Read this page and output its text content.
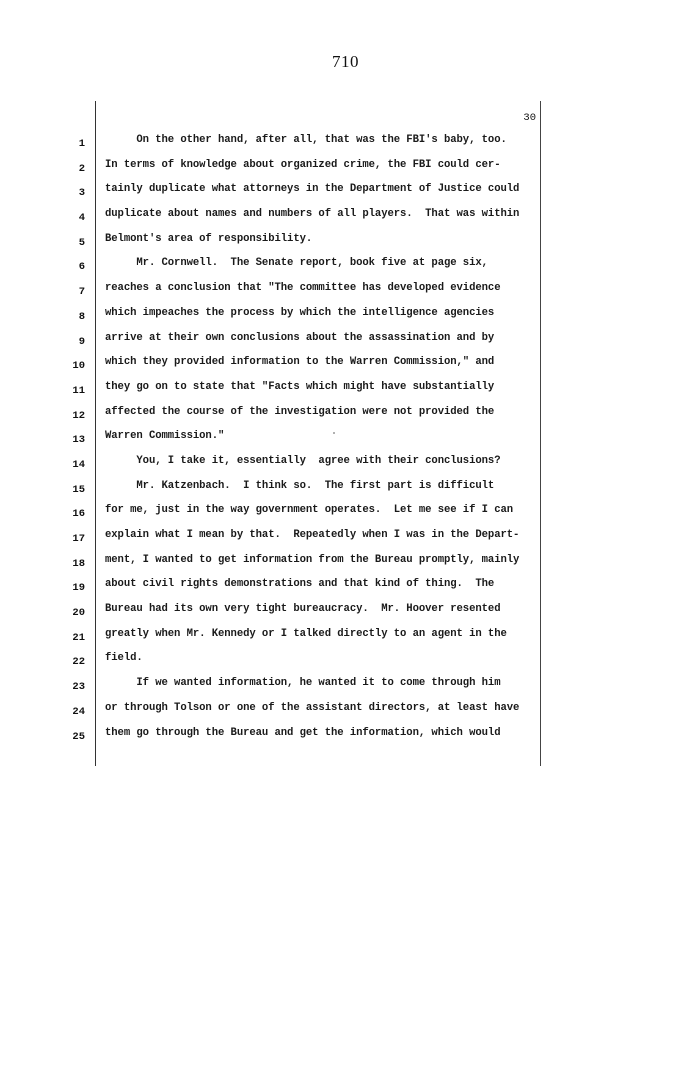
710
30
1 On the other hand, after all, that was the FBI's baby, too.
2 In terms of knowledge about organized crime, the FBI could cer-
3 tainly duplicate what attorneys in the Department of Justice could
4 duplicate about names and numbers of all players.  That was within
5 Belmont's area of responsibility.
6 Mr. Cornwell.  The Senate report, book five at page six,
7 reaches a conclusion that "The committee has developed evidence
8 which impeaches the process by which the intelligence agencies
9 arrive at their own conclusions about the assassination and by
10 which they provided information to the Warren Commission," and
11 they go on to state that "Facts which might have substantially
12 affected the course of the investigation were not provided the
13 Warren Commission."
14 You, I take it, essentially  agree with their conclusions?
15 Mr. Katzenbach.  I think so.  The first part is difficult
16 for me, just in the way government operates.  Let me see if I can
17 explain what I mean by that.  Repeatedly when I was in the Depart-
18 ment, I wanted to get information from the Bureau promptly, mainly
19 about civil rights demonstrations and that kind of thing.  The
20 Bureau had its own very tight bureaucracy.  Mr. Hoover resented
21 greatly when Mr. Kennedy or I talked directly to an agent in the
22 field.
23 If we wanted information, he wanted it to come through him
24 or through Tolson or one of the assistant directors, at least have
25 them go through the Bureau and get the information, which would
